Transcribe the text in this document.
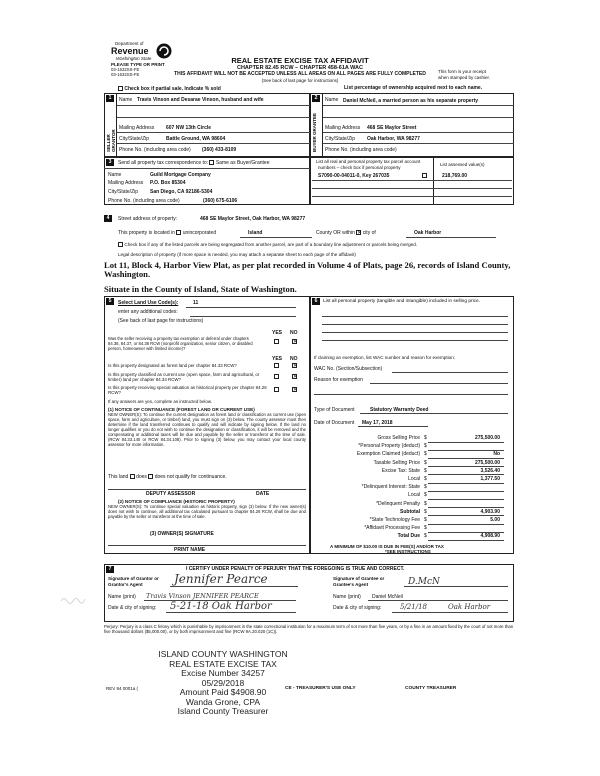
Department of
Revenue
Washington State
PLEASE TYPE OR PRINT
03-1632SS-FE
03-1632SS-FE
REAL ESTATE EXCISE TAX AFFIDAVIT
CHAPTER 82.45 RCW – CHAPTER 458-61A WAC
THIS AFFIDAVIT WILL NOT BE ACCEPTED UNLESS ALL AREAS ON ALL PAGES ARE FULLY COMPLETED
(See back of last page for instructions)
This form is your receipt
when stamped by cashier.
Check box if partial sale. Indicate % sold	List percentage of ownership acquired next to each name.
1	2
SELLER GRANTOR	BUYER GRANTEE
Name Travis Vinson and Desarae Vinson, husband and wife
Mailing Address 607 NW 13th Circle
City/State/Zip	Battle Ground, WA 98604
Phone No. (including area code) (360) 433-8109
Name Daniel McNeil, a married person as his separate property
Mailing Address 468 SE Maylor Street
City/State/Zip Oak Harbor, WA 98277
Phone No. (including area code)
3	Send all property tax correspondence to: Same as Buyer/Grantee
Name	Guild Mortgage Company
Mailing Address P.O. Box 85304
City/State/Zip San Diego, CA 92186-5304
Phone No. (including area code)	(360) 675-6106
List all real and personal property tax parcel account
numbers – check box if personal property
List assessed value(s)
S7090-00-04011-0, Key 267035	218,769.00
4	Street address of property:	468 SE Maylor Street, Oak Harbor, WA 98277
This property is located in unincorporated	Island	County OR within ✕ city of	Oak Harbor
Check box if any of the listed parcels are being segregated from another parcel, are part of a boundary line adjustment or parcels being merged.
Legal description of property (if more space is needed, you may attach a separate sheet to each page of the affidavit)
Lot 11, Block 4, Harbor View Plat, as per plat recorded in Volume 4 of Plats, page 26, records of Island County,
Washington.
Situate in the County of Island, State of Washington.
5	Select Land Use Code(s):	11
enter any additional codes:
(See back of last page for instructions)
YES NO
Was the seller receiving a property tax exemption or deferral under chapters 84.36, 84.37, or 84.38 RCW (nonprofit organization, senior citizen, or disabled person, homeowner with limited income)?
✕
YES NO
Is this property designated as forest land per chapter 84.33 RCW?
✕
Is this property classified as current use (open space, farm and agricultural, or timber) land per chapter 84.34 RCW?
✕
Is this property receiving special valuation as historical property per chapter 84.26 RCW?
✕
If any answers are yes, complete as instructed below.
(1) NOTICE OF CONTINUANCE (FOREST LAND OR CURRENT USE)
NEW OWNER(S): To continue the current designation as forest land or classification as current use (open space, farm and agriculture, or timber) land, you must sign on (3) below. The county assessor must then determine if the land transferred continues to qualify and will indicate by signing below. If the land no longer qualifies or you do not wish to continue the designation or classification, it will be removed and the compensating or additional taxes will be due and payable by the seller or transferor at the time of sale. (RCW 84.33.140 or RCW 84.34.108). Prior to signing (3) below, you may contact your local county assessor for more information.
This land does does not qualify for continuance.
DEPUTY ASSESSOR	DATE
(2) NOTICE OF COMPLIANCE (HISTORIC PROPERTY)
NEW OWNER(S): To continue special valuation as historic property, sign (3) below. If the new owner(s) does not wish to continue, all additional tax calculated pursuant to chapter 84.26 RCW, shall be due and payable by the seller or transferor at the time of sale.
(3) OWNER(S) SIGNATURE
PRINT NAME
6	List all personal property (tangible and intangible) included in selling price.
If claiming an exemption, list WAC number and reason for exemption:
WAC No. (Section/Subsection)
Reason for exemption
Type of Document	Statutory Warranty Deed
Date of Document May 17, 2018
Gross Selling Price $	275,500.00
*Personal Property (deduct) $
Exemption Claimed (deduct) $	No
Taxable Selling Price $	275,500.00
Excise Tax: State $	3,526.40
Local $	1,377.50
*Delinquent Interest: State $
Local $
*Delinquent Penalty $
Subtotal $	4,903.90
*State Technology Fee $	5.00
*Affidavit Processing Fee $
Total Due $	4,908.90
A MINIMUM OF $10.00 IS DUE IN FEE(S) AND/OR TAX
*SEE INSTRUCTIONS
7	I CERTIFY UNDER PENALTY OF PERJURY THAT THE FOREGOING IS TRUE AND CORRECT.
Signature of Grantor or Grantor's Agent	Jennifer Pearce
Name (print) Travis Vinson JENNIFER PEARCE
Date & city of signing: 5-21-18 Oak Harbor
Signature of Grantee or Grantee's Agent	D.McN
Name (print) Daniel McNeil
Date & city of signing:	5/21/18	Oak Harbor
Perjury: Perjury is a class C felony which is punishable by imprisonment in the state correctional institution for a maximum term of not more than five years, or by a fine in an amount fixed by the court of not more than five thousand dollars ($5,000.00), or by both imprisonment and fine (RCW 9A.20.020 (1C)).
ISLAND COUNTY WASHINGTON
REAL ESTATE EXCISE TAX
Excise Number 34257
05/29/2018
Amount Paid $4908.90
Wanda Grone, CPA
Island County Treasurer
REV 84 0001a (	CE - TREASURER'S USE ONLY	COUNTY TREASURER
